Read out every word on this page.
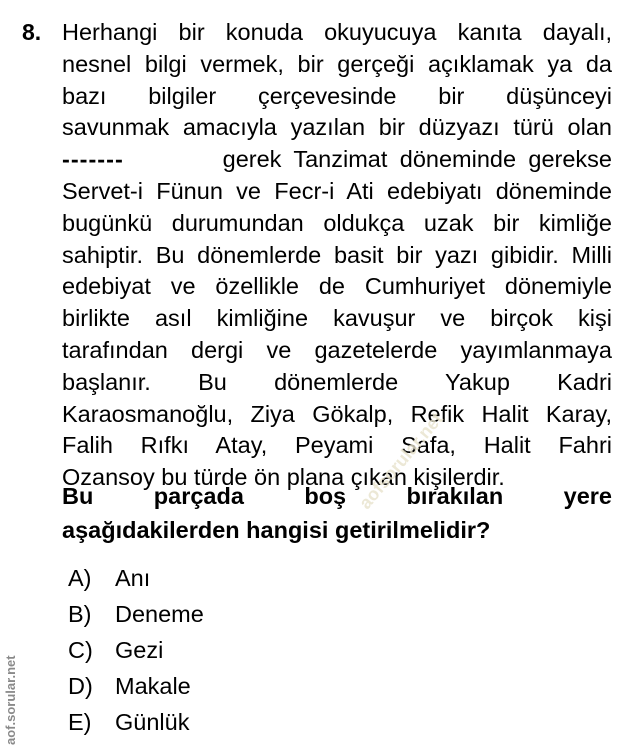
8. Herhangi bir konuda okuyucuya kanıta dayalı,
nesnel bilgi vermek, bir gerçeği açıklamak ya da
bazı bilgiler çerçevesinde bir düşünceyi
savunmak amacıyla yazılan bir düzyazı türü olan
-------	gerek Tanzimat döneminde gerekse
Servet-i Fünun ve Fecr-i Ati edebiyatı döneminde
bugünkü durumundan oldukça uzak bir kimliğe
sahiptir. Bu dönemlerde basit bir yazı gibidir. Milli
edebiyat ve özellikle de Cumhuriyet dönemiyle
birlikte asıl kimliğine kavuşur ve birçok kişi
tarafından dergi ve gazetelerde yayımlanmaya
başlanır. Bu dönemlerde Yakup Kadri
Karaosmanoğlu, Ziya Gökalp, Refik Halit Karay,
Falih Rıfkı Atay, Peyami Safa, Halit Fahri
Ozansoy bu türde ön plana çıkan kişilerdir.
Bu parçada boş bırakılan yere
aşağıdakilerden hangisi getirilmelidir?
A)	Anı
B)	Deneme
C) Gezi
D) Makale
E)	Günlük
aofsorular.net
aof.sorular.net
